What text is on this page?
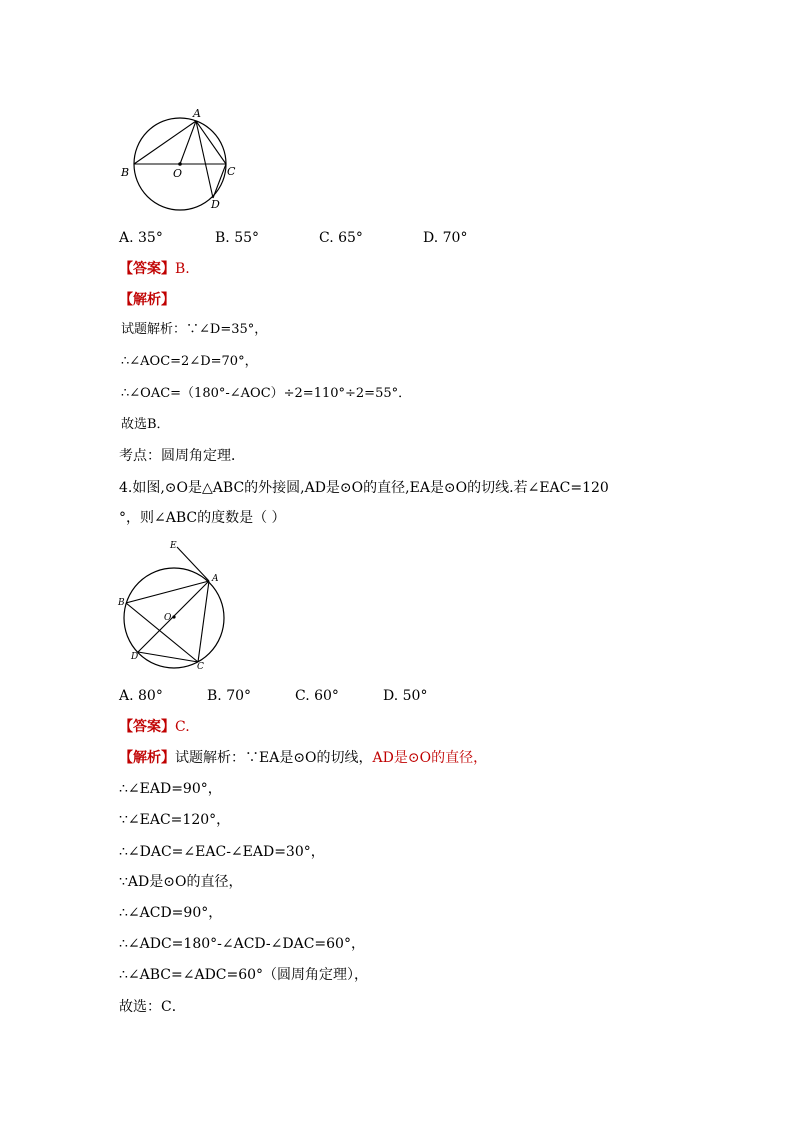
A
B	C
O
D
A. 35°	B. 55°	C. 65°	D. 70°
【答案】B.
【解析】
试题解析：∵∠D=35°，
∴∠AOC=2∠D=70°，
∴∠OAC=（180°-∠AOC）÷2=110°÷2=55°．
故选B．
考点：圆周角定理．
4.如图,⊙O是△ABC的外接圆,AD是⊙O的直径,EA是⊙O的切线.若∠EAC=120
°，则∠ABC的度数是（ ）
E
A
B
O
D
C
A. 80°	B. 70°	C. 60°	D. 50°
【答案】C.
【解析】试题解析：∵EA是⊙O的切线，AD是⊙O的直径，
∴∠EAD=90°，
∵∠EAC=120°，
∴∠DAC=∠EAC-∠EAD=30°，
∵AD是⊙O的直径，
∴∠ACD=90°，
∴∠ADC=180°-∠ACD-∠DAC=60°，
∴∠ABC=∠ADC=60°（圆周角定理），
故选：C．
